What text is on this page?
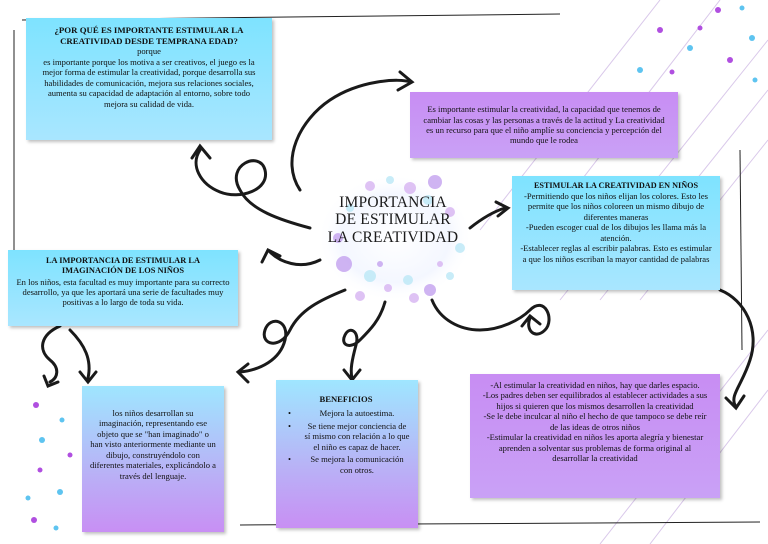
IMPORTANCIA
DE ESTIMULAR
LA CREATIVIDAD
¿POR QUÉ ES IMPORTANTE ESTIMULAR LA CREATIVIDAD DESDE TEMPRANA EDAD?
porque
es importante porque los motiva a ser creativos, el juego es la mejor forma de estimular la creatividad, porque desarrolla sus habilidades de comunicación, mejora sus relaciones sociales, aumenta su capacidad de adaptación al entorno, sobre todo mejora su calidad de vida.
Es importante estimular la creatividad, la capacidad que tenemos de cambiar las cosas y las personas a través de la actitud y La creatividad es un recurso para que el niño amplíe su conciencia y percepción del mundo que le rodea
ESTIMULAR LA CREATIVIDAD EN NIÑOS
-Permitiendo que los niños elijan los colores. Esto les permite que los niños coloreen un mismo dibujo de diferentes maneras
-Pueden escoger cual de los dibujos les llama más la atención.
-Establecer reglas al escribir palabras. Esto es estimular a que los niños escriban la mayor cantidad de palabras
LA IMPORTANCIA DE ESTIMULAR LA IMAGINACIÓN DE LOS NIÑOS
En los niños, esta facultad es muy importante para su correcto desarrollo, ya que les aportará una serie de facultades muy positivas a lo largo de toda su vida.
los niños desarrollan su imaginación, representando ese objeto que se "han imaginado" o han visto anteriormente mediante un dibujo, construyéndolo con diferentes materiales, explicándolo a través del lenguaje.
BENEFICIOS
• Mejora la autoestima.
• Se tiene mejor conciencia de sí mismo con relación a lo que el niño es capaz de hacer.
• Se mejora la comunicación con otros.
-Al estimular la creatividad en niños, hay que darles espacio.
-Los padres deben ser equilibrados al establecer actividades a sus hijos si quieren que los mismos desarrollen la creatividad
-Se le debe inculcar al niño el hecho de que tampoco se debe reír de las ideas de otros niños
-Estimular la creatividad en niños les aporta alegría y bienestar aprenden a solventar sus problemas de forma original al desarrollar la creatividad
